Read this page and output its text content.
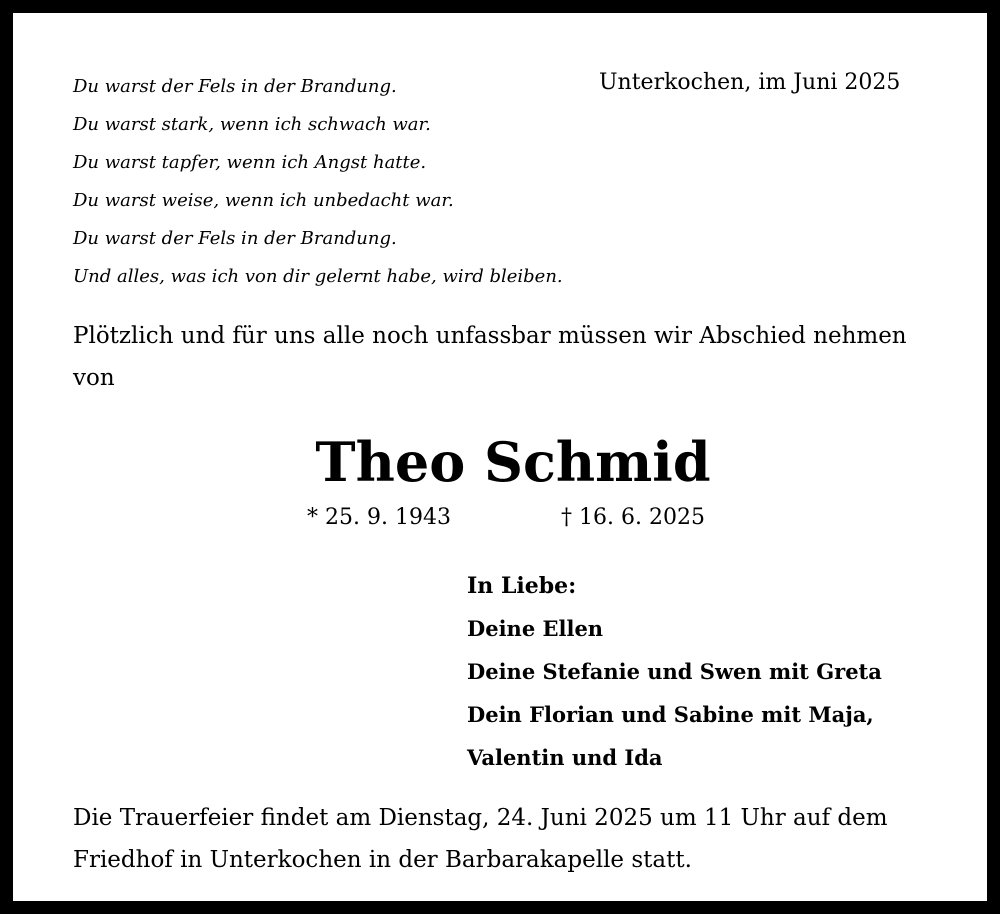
Du warst der Fels in der Brandung.
Du warst stark, wenn ich schwach war.
Du warst tapfer, wenn ich Angst hatte.
Du warst weise, wenn ich unbedacht war.
Du warst der Fels in der Brandung.
Und alles, was ich von dir gelernt habe, wird bleiben.
Unterkochen, im Juni 2025
Plötzlich und für uns alle noch unfassbar müssen wir Abschied nehmen von
Theo Schmid
* 25. 9. 1943	† 16. 6. 2025
In Liebe:
Deine Ellen
Deine Stefanie und Swen mit Greta
Dein Florian und Sabine mit Maja,
Valentin und Ida
Die Trauerfeier findet am Dienstag, 24. Juni 2025 um 11 Uhr auf dem Friedhof in Unterkochen in der Barbarakapelle statt.
